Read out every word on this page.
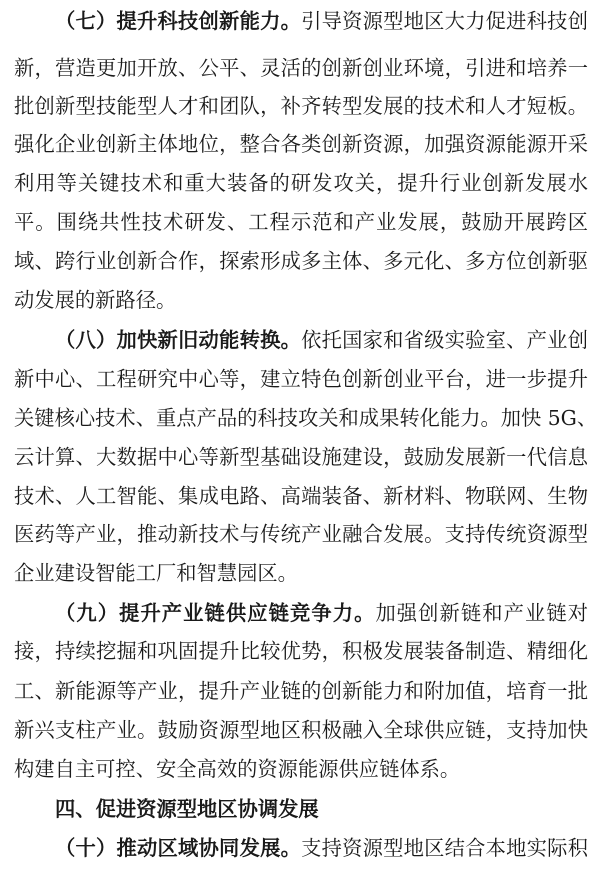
（七）提升科技创新能力。引导资源型地区大力促进科技创
新，营造更加开放、公平、灵活的创新创业环境，引进和培养一
批创新型技能型人才和团队，补齐转型发展的技术和人才短板。
强化企业创新主体地位，整合各类创新资源，加强资源能源开采
利用等关键技术和重大装备的研发攻关，提升行业创新发展水
平。围绕共性技术研发、工程示范和产业发展，鼓励开展跨区
域、跨行业创新合作，探索形成多主体、多元化、多方位创新驱
动发展的新路径。
（八）加快新旧动能转换。依托国家和省级实验室、产业创
新中心、工程研究中心等，建立特色创新创业平台，进一步提升
关键核心技术、重点产品的科技攻关和成果转化能力。加快 5G、
云计算、大数据中心等新型基础设施建设，鼓励发展新一代信息
技术、人工智能、集成电路、高端装备、新材料、物联网、生物
医药等产业，推动新技术与传统产业融合发展。支持传统资源型
企业建设智能工厂和智慧园区。
（九）提升产业链供应链竞争力。加强创新链和产业链对
接，持续挖掘和巩固提升比较优势，积极发展装备制造、精细化
工、新能源等产业，提升产业链的创新能力和附加值，培育一批
新兴支柱产业。鼓励资源型地区积极融入全球供应链，支持加快
构建自主可控、安全高效的资源能源供应链体系。
四、促进资源型地区协调发展
（十）推动区域协同发展。支持资源型地区结合本地实际积
